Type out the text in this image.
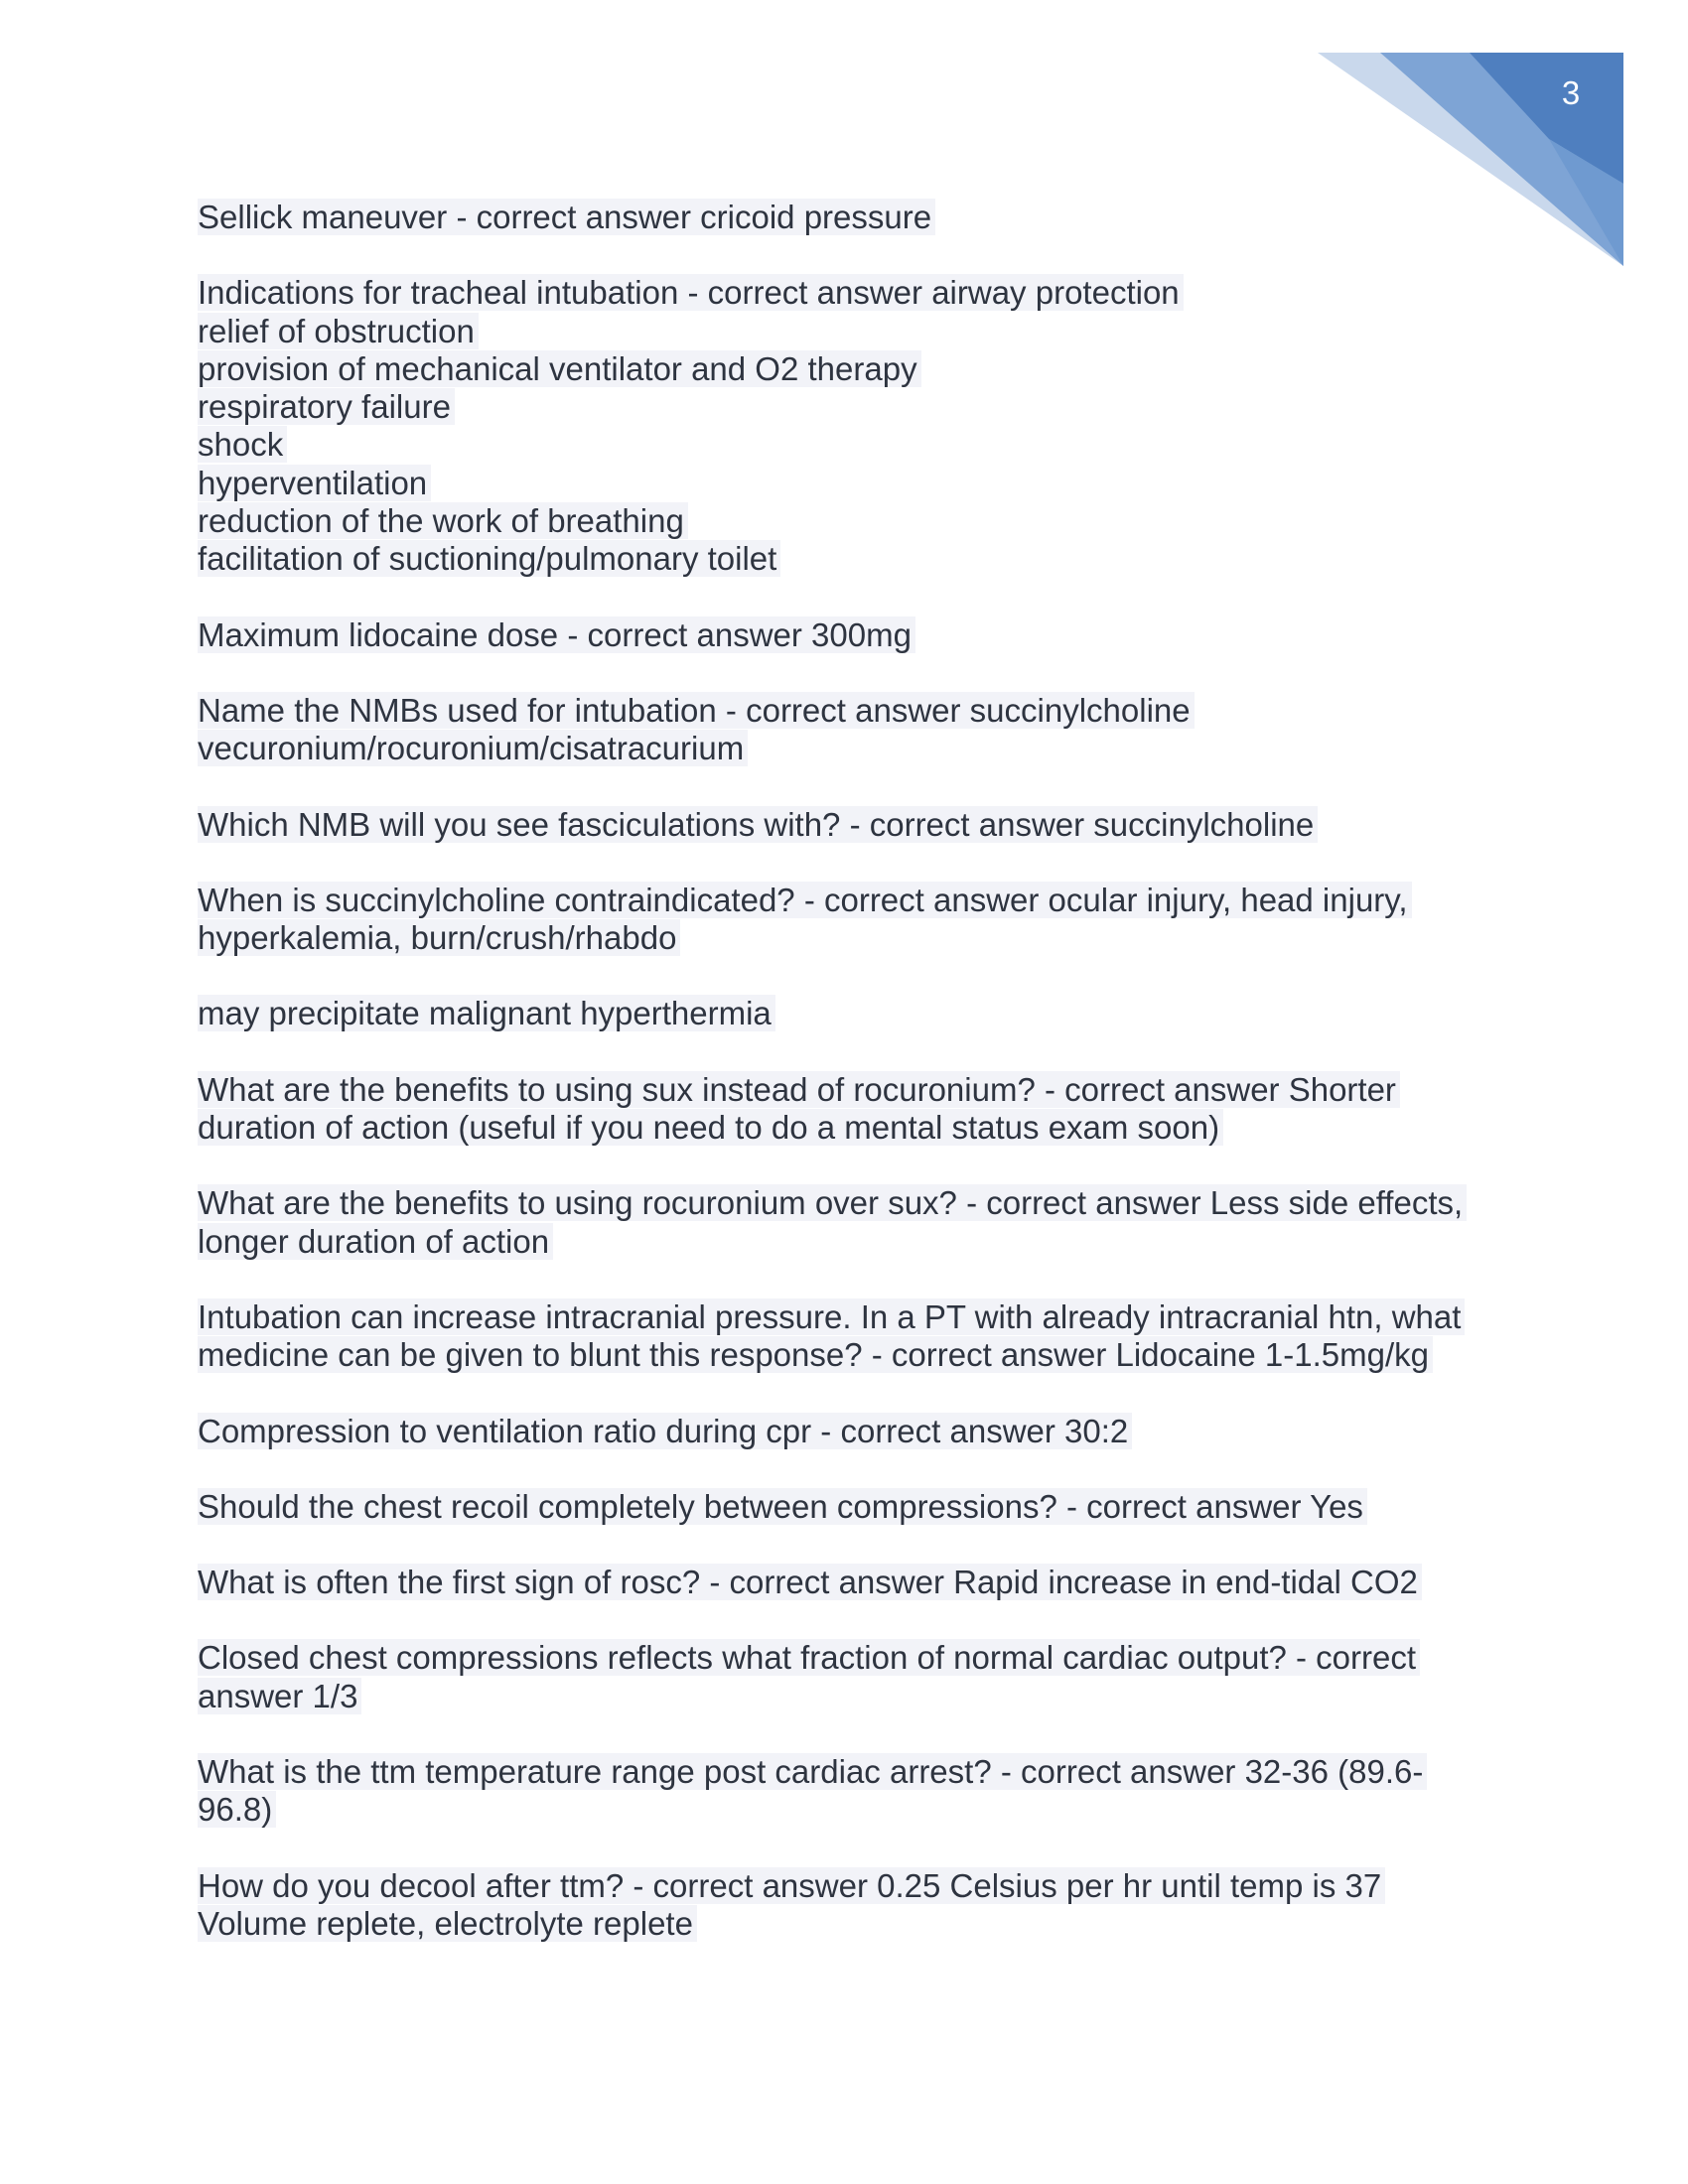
3
Sellick maneuver - correct answer cricoid pressure
Indications for tracheal intubation - correct answer airway protection
relief of obstruction
provision of mechanical ventilator and O2 therapy
respiratory failure
shock
hyperventilation
reduction of the work of breathing
facilitation of suctioning/pulmonary toilet
Maximum lidocaine dose - correct answer 300mg
Name the NMBs used for intubation - correct answer succinylcholine
vecuronium/rocuronium/cisatracurium
Which NMB will you see fasciculations with? - correct answer succinylcholine
When is succinylcholine contraindicated? - correct answer ocular injury, head injury,
hyperkalemia, burn/crush/rhabdo
may precipitate malignant hyperthermia
What are the benefits to using sux instead of rocuronium? - correct answer Shorter
duration of action (useful if you need to do a mental status exam soon)
What are the benefits to using rocuronium over sux? - correct answer Less side effects,
longer duration of action
Intubation can increase intracranial pressure. In a PT with already intracranial htn, what
medicine can be given to blunt this response? - correct answer Lidocaine 1-1.5mg/kg
Compression to ventilation ratio during cpr - correct answer 30:2
Should the chest recoil completely between compressions? - correct answer Yes
What is often the first sign of rosc? - correct answer Rapid increase in end-tidal CO2
Closed chest compressions reflects what fraction of normal cardiac output? - correct
answer 1/3
What is the ttm temperature range post cardiac arrest? - correct answer 32-36 (89.6-
96.8)
How do you decool after ttm? - correct answer 0.25 Celsius per hr until temp is 37
Volume replete, electrolyte replete
